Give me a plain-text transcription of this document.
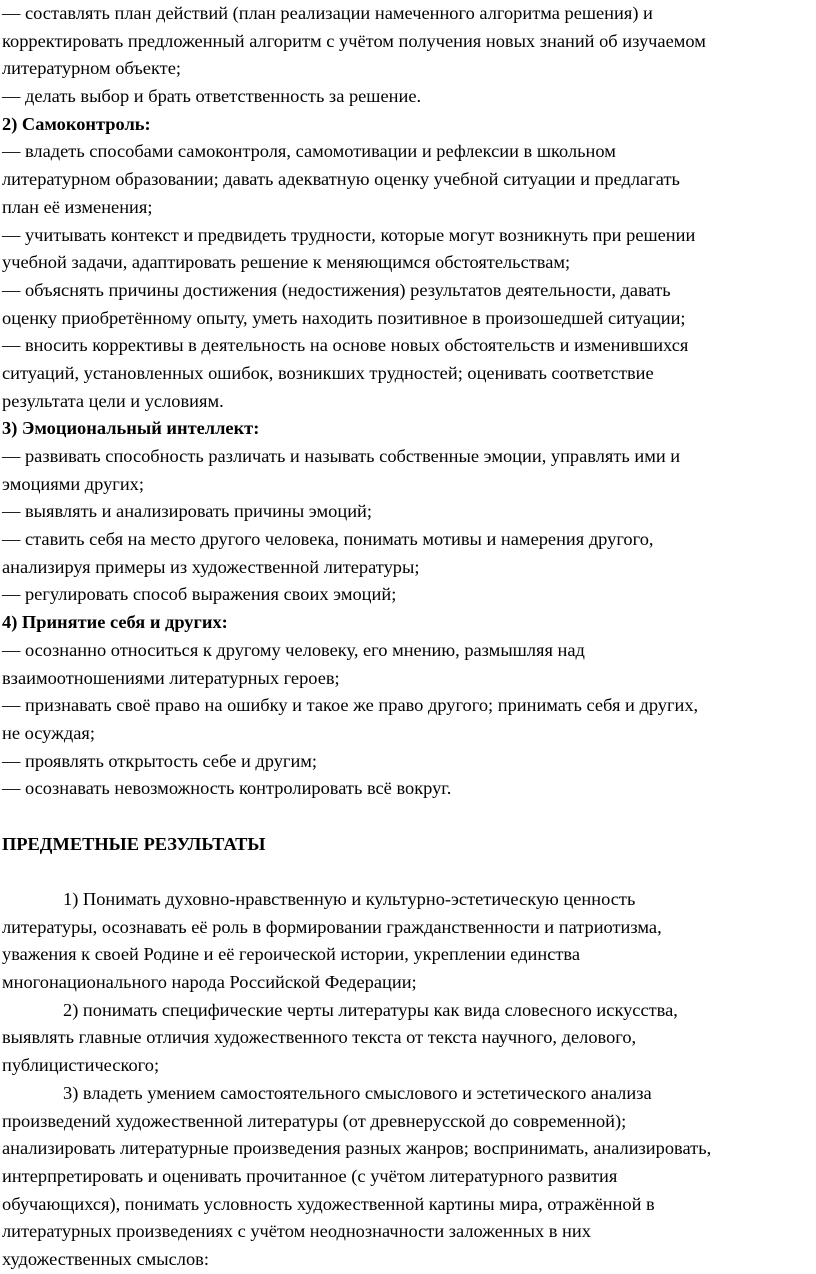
— составлять план действий (план реализации намеченного алгоритма решения) и
корректировать предложенный алгоритм с учётом получения новых знаний об изучаемом
литературном объекте;
— делать выбор и брать ответственность за решение.
2) Самоконтроль:
— владеть способами самоконтроля, самомотивации и рефлексии в школьном
литературном образовании; давать адекватную оценку учебной ситуации и предлагать
план её изменения;
— учитывать контекст и предвидеть трудности, которые могут возникнуть при решении
учебной задачи, адаптировать решение к меняющимся обстоятельствам;
— объяснять причины достижения (недостижения) результатов деятельности, давать
оценку приобретённому опыту, уметь находить позитивное в произошедшей ситуации;
— вносить коррективы в деятельность на основе новых обстоятельств и изменившихся
ситуаций, установленных ошибок, возникших трудностей; оценивать соответствие
результата цели и условиям.
3) Эмоциональный интеллект:
— развивать способность различать и называть собственные эмоции, управлять ими и
эмоциями других;
— выявлять и анализировать причины эмоций;
— ставить себя на место другого человека, понимать мотивы и намерения другого,
анализируя примеры из художественной литературы;
— регулировать способ выражения своих эмоций;
4) Принятие себя и других:
— осознанно относиться к другому человеку, его мнению, размышляя над
взаимоотношениями литературных героев;
— признавать своё право на ошибку и такое же право другого; принимать себя и других,
не осуждая;
— проявлять открытость себе и другим;
— осознавать невозможность контролировать всё вокруг.
ПРЕДМЕТНЫЕ РЕЗУЛЬТАТЫ
1) Понимать духовно-нравственную и культурно-эстетическую ценность
литературы, осознавать её роль в формировании гражданственности и патриотизма,
уважения к своей Родине и её героической истории, укреплении единства
многонационального народа Российской Федерации;
2) понимать специфические черты литературы как вида словесного искусства,
выявлять главные отличия художественного текста от текста научного, делового,
публицистического;
3) владеть умением самостоятельного смыслового и эстетического анализа
произведений художественной литературы (от древнерусской до современной);
анализировать литературные произведения разных жанров; воспринимать, анализировать,
интерпретировать и оценивать прочитанное (с учётом литературного развития
обучающихся), понимать условность художественной картины мира, отражённой в
литературных произведениях с учётом неоднозначности заложенных в них
художественных смыслов:
